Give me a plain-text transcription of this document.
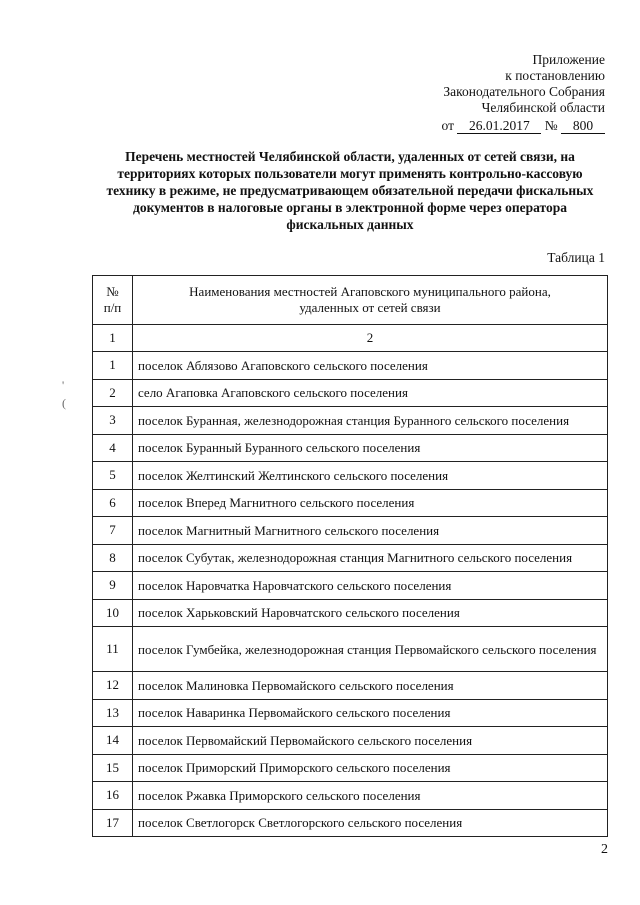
Приложение
к постановлению
Законодательного Собрания
Челябинской области
от 26.01.2017 № 800
Перечень местностей Челябинской области, удаленных от сетей связи, на
территориях которых пользователи могут применять контрольно-кассовую
технику в режиме, не предусматривающем обязательной передачи фискальных
документов в налоговые органы в электронной форме через оператора
фискальных данных
Таблица 1
№
п/п	Наименования местностей Агаповского муниципального района,
удаленных от сетей связи
1	2
1	поселок Аблязово Агаповского сельского поселения
2	село Агаповка Агаповского сельского поселения
3	поселок Буранная, железнодорожная станция Буранного сельского поселения
4	поселок Буранный Буранного сельского поселения
5	поселок Желтинский Желтинского сельского поселения
6	поселок Вперед Магнитного сельского поселения
7	поселок Магнитный Магнитного сельского поселения
8	поселок Субутак, железнодорожная станция Магнитного сельского поселения
9	поселок Наровчатка Наровчатского сельского поселения
10	поселок Харьковский Наровчатского сельского поселения
11	поселок Гумбейка, железнодорожная станция Первомайского сельского поселения
12	поселок Малиновка Первомайского сельского поселения
13	поселок Наваринка Первомайского сельского поселения
14	поселок Первомайский Первомайского сельского поселения
15	поселок Приморский Приморского сельского поселения
16	поселок Ржавка Приморского сельского поселения
17	поселок Светлогорск Светлогорского сельского поселения
'
(
2
